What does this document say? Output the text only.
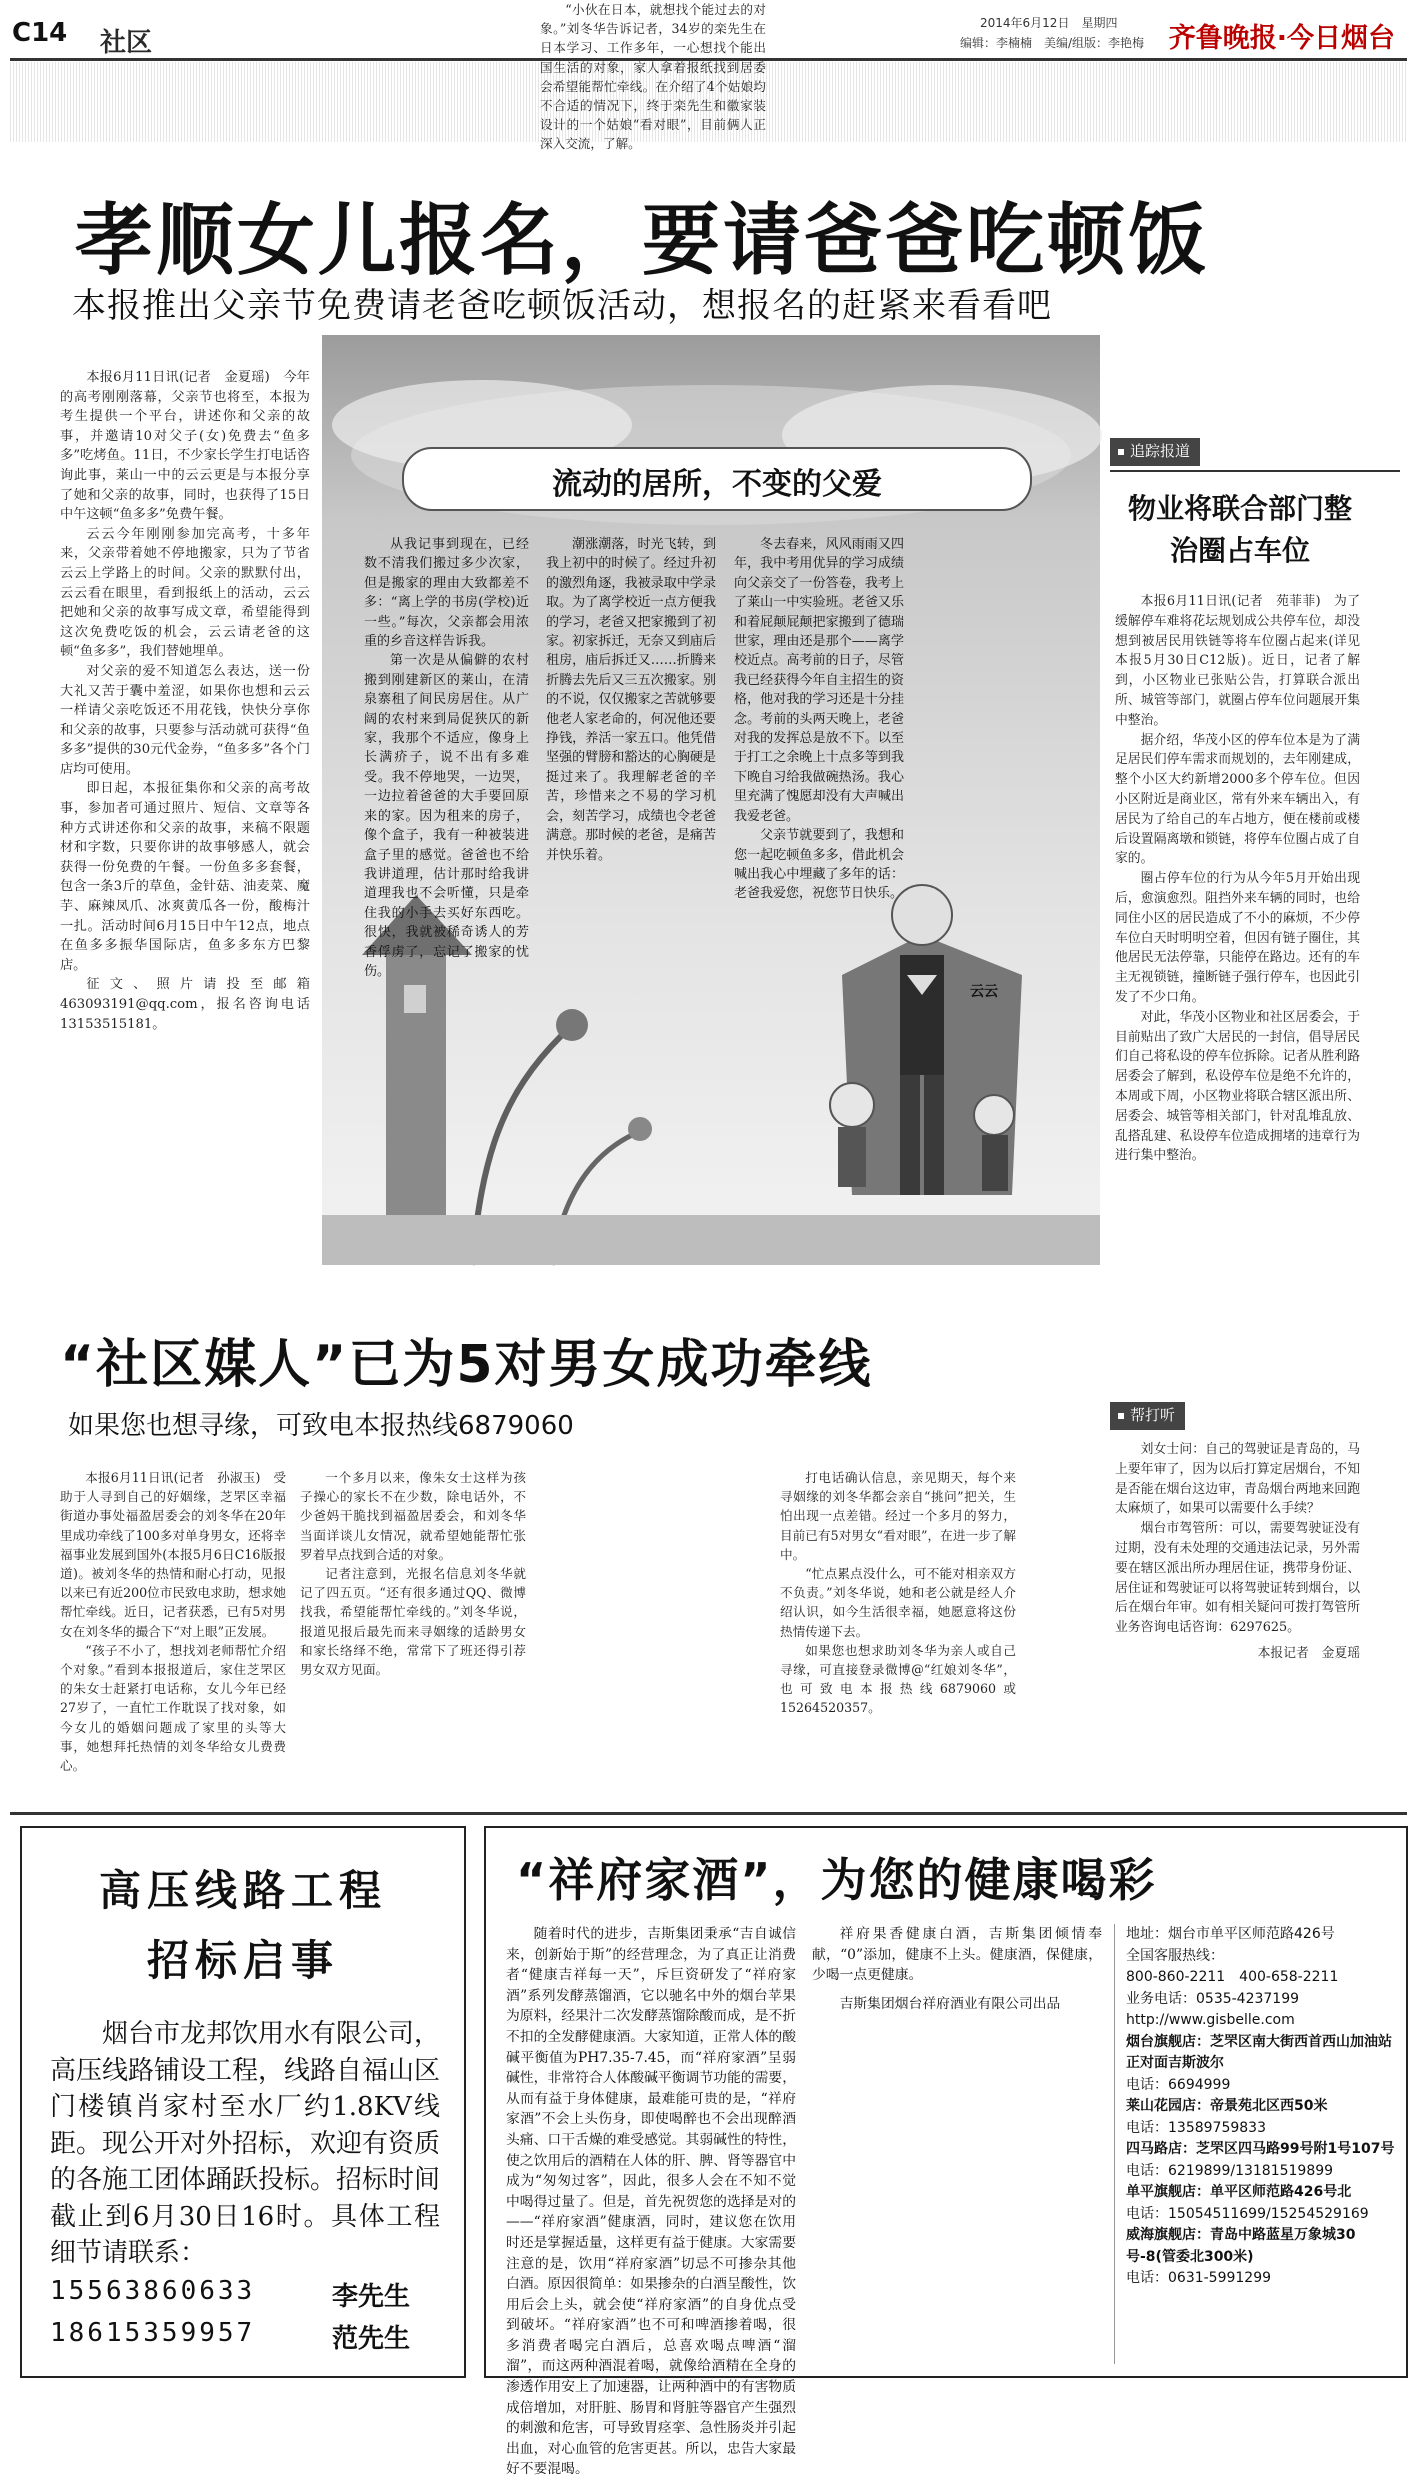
C14 社区
2014年6月12日　星期四
编辑：李楠楠　美编/组版：李艳梅 齐鲁晚报·今日烟台
孝顺女儿报名，要请爸爸吃顿饭
本报推出父亲节免费请老爸吃顿饭活动，想报名的赶紧来看看吧

本报6月11日讯(记者　金夏瑶)　今年的高考刚刚落幕，父亲节也将至，本报为考生提供一个平台，讲述你和父亲的故事，并邀请10对父子(女)免费去“鱼多多”吃烤鱼。11日，不少家长学生打电话咨询此事，莱山一中的云云更是与本报分享了她和父亲的故事，同时，也获得了15日中午这顿“鱼多多”免费午餐。

云云今年刚刚参加完高考，十多年来，父亲带着她不停地搬家，只为了节省云云上学路上的时间。父亲的默默付出，云云看在眼里，看到报纸上的活动，云云把她和父亲的故事写成文章，希望能得到这次免费吃饭的机会，云云请老爸的这顿“鱼多多”，我们替她埋单。

对父亲的爱不知道怎么表达，送一份大礼又苦于囊中羞涩，如果你也想和云云一样请父亲吃饭还不用花钱，快快分享你和父亲的故事，只要参与活动就可获得“鱼多多”提供的30元代金券，“鱼多多”各个门店均可使用。

即日起，本报征集你和父亲的高考故事，参加者可通过照片、短信、文章等各种方式讲述你和父亲的故事，来稿不限题材和字数，只要你讲的故事够感人，就会获得一份免费的午餐。一份鱼多多套餐，包含一条3斤的草鱼，金针菇、油麦菜、魔芋、麻辣凤爪、冰爽黄瓜各一份，酸梅汁一扎。活动时间6月15日中午12点，地点在鱼多多振华国际店，鱼多多东方巴黎店。

征文、照片请投至邮箱463093191@qq.com，报名咨询电话13153515181。

流动的居所，不变的父爱

从我记事到现在，已经数不清我们搬过多少次家，但是搬家的理由大致都差不多：“离上学的书房(学校)近一些。”每次，父亲都会用浓重的乡音这样告诉我。

第一次是从偏僻的农村搬到刚建新区的莱山，在清泉寨租了间民房居住。从广阔的农村来到局促狭仄的新家，我那个不适应，像身上长满疥子，说不出有多难受。我不停地哭，一边哭，一边拉着爸爸的大手要回原来的家。因为租来的房子，像个盒子，我有一种被装进盒子里的感觉。爸爸也不给我讲道理，估计那时给我讲道理我也不会听懂，只是牵住我的小手去买好东西吃。很快，我就被稀奇诱人的芳香俘虏了，忘记了搬家的忧伤。

潮涨潮落，时光飞转，到我上初中的时候了。经过升初的激烈角逐，我被录取中学录取。为了离学校近一点方便我的学习，老爸又把家搬到了初家。初家拆迁，无奈又到庙后租房，庙后拆迁又……折腾来折腾去先后又三五次搬家。别的不说，仅仅搬家之苦就够要他老人家老命的，何况他还要挣钱，养活一家五口。他凭借坚强的臂膀和豁达的心胸硬是挺过来了。我理解老爸的辛苦，珍惜来之不易的学习机会，刻苦学习，成绩也令老爸满意。那时候的老爸，是痛苦并快乐着。

冬去春来，风风雨雨又四年，我中考用优异的学习成绩向父亲交了一份答卷，我考上了莱山一中实验班。老爸又乐和着屁颠屁颠把家搬到了德瑞世家，理由还是那个——离学校近点。高考前的日子，尽管我已经获得今年自主招生的资格，他对我的学习还是十分挂念。考前的头两天晚上，老爸对我的发挥总是放不下。以至于打工之余晚上十点多等到我下晚自习给我做碗热汤。我心里充满了愧愿却没有大声喊出我爱老爸。

父亲节就要到了，我想和您一起吃顿鱼多多，借此机会喊出我心中埋藏了多年的话：老爸我爱您，祝您节日快乐。

云云
追踪报道
物业将联合部门整治圈占车位

本报6月11日讯(记者　苑菲菲)　为了缓解停车难将花坛规划成公共停车位，却没想到被居民用铁链等将车位圈占起来(详见本报5月30日C12版)。近日，记者了解到，小区物业已张贴公告，打算联合派出所、城管等部门，就圈占停车位问题展开集中整治。

据介绍，华茂小区的停车位本是为了满足居民们停车需求而规划的，去年刚建成，整个小区大约新增2000多个停车位。但因小区附近是商业区，常有外来车辆出入，有居民为了给自己的车占地方，便在楼前或楼后设置隔离墩和锁链，将停车位圈占成了自家的。

圈占停车位的行为从今年5月开始出现后，愈演愈烈。阻挡外来车辆的同时，也给同住小区的居民造成了不小的麻烦，不少停车位白天时明明空着，但因有链子圈住，其他居民无法停靠，只能停在路边。还有的车主无视锁链，撞断链子强行停车，也因此引发了不少口角。

对此，华茂小区物业和社区居委会，于目前贴出了致广大居民的一封信，倡导居民们自己将私设的停车位拆除。记者从胜利路居委会了解到，私设停车位是绝不允许的，本周或下周，小区物业将联合辖区派出所、居委会、城管等相关部门，针对乱堆乱放、乱搭乱建、私设停车位造成拥堵的违章行为进行集中整治。

帮打听

刘女士问：自己的驾驶证是青岛的，马上要年审了，因为以后打算定居烟台，不知是否能在烟台这边审，青岛烟台两地来回跑太麻烦了，如果可以需要什么手续？

烟台市驾管所：可以，需要驾驶证没有过期，没有未处理的交通违法记录，另外需要在辖区派出所办理居住证，携带身份证、居住证和驾驶证可以将驾驶证转到烟台，以后在烟台年审。如有相关疑问可拨打驾管所业务咨询电话咨询：6297625。

本报记者　金夏瑶

“社区媒人”已为5对男女成功牵线
如果您也想寻缘，可致电本报热线6879060

本报6月11日讯(记者　孙淑玉)　受助于人寻到自己的好姻缘，芝罘区幸福街道办事处福盈居委会的刘冬华在20年里成功牵线了100多对单身男女，还将幸福事业发展到国外(本报5月6日C16版报道)。被刘冬华的热情和耐心打动，见报以来已有近200位市民致电求助，想求她帮忙牵线。近日，记者获悉，已有5对男女在刘冬华的撮合下“对上眼”正发展。

“孩子不小了，想找刘老师帮忙介绍个对象。”看到本报报道后，家住芝罘区的朱女士赶紧打电话称，女儿今年已经27岁了，一直忙工作耽误了找对象，如今女儿的婚姻问题成了家里的头等大事，她想拜托热情的刘冬华给女儿费费心。

一个多月以来，像朱女士这样为孩子操心的家长不在少数，除电话外，不少爸妈干脆找到福盈居委会，和刘冬华当面详谈儿女情况，就希望她能帮忙张罗着早点找到合适的对象。

记者注意到，光报名信息刘冬华就记了四五页。“还有很多通过QQ、微博找我，希望能帮忙牵线的。”刘冬华说，报道见报后最先而来寻姻缘的适龄男女和家长络绎不绝，常常下了班还得引荐男女双方见面。

“小伙在日本，就想找个能过去的对象。”刘冬华告诉记者，34岁的栾先生在日本学习、工作多年，一心想找个能出国生活的对象，家人拿着报纸找到居委会希望能帮忙牵线。在介绍了4个姑娘均不合适的情况下，终于栾先生和徽家装设计的一个姑娘“看对眼”，目前俩人正深入交流，了解。

打电话确认信息，亲见期天，每个来寻姻缘的刘冬华都会亲自“挑问”把关，生怕出现一点差错。经过一个多月的努力，目前已有5对男女“看对眼”，在进一步了解中。

“忙点累点没什么，可不能对相亲双方不负责。”刘冬华说，她和老公就是经人介绍认识，如今生活很幸福，她愿意将这份热情传递下去。

如果您也想求助刘冬华为亲人或自己寻缘，可直接登录微博@“红娘刘冬华”，也可致电本报热线6879060或15264520357。

高压线路工程
招标启事

烟台市龙邦饮用水有限公司，高压线路铺设工程，线路自福山区门楼镇肖家村至水厂约1.8KV线距。现公开对外招标，欢迎有资质的各施工团体踊跃投标。招标时间截止到6月30日16时。具体工程细节请联系：

15563860633	李先生
18615359957	范先生
“祥府家酒”，为您的健康喝彩

随着时代的进步，吉斯集团秉承“吉自诚信来，创新始于斯”的经营理念，为了真正让消费者“健康吉祥每一天”，斥巨资研发了“祥府家酒”系列发酵蒸馏酒，它以驰名中外的烟台苹果为原料，经果汁二次发酵蒸馏除酸而成，是不折不扣的全发酵健康酒。大家知道，正常人体的酸碱平衡值为PH7.35-7.45，而“祥府家酒”呈弱碱性，非常符合人体酸碱平衡调节功能的需要，从而有益于身体健康，最难能可贵的是，“祥府家酒”不会上头伤身，即使喝醉也不会出现醉酒头痛、口干舌燥的难受感觉。其弱碱性的特性，使之饮用后的酒精在人体的肝、脾、肾等器官中成为“匆匆过客”，因此，很多人会在不知不觉中喝得过量了。但是，首先祝贺您的选择是对的——“祥府家酒”健康酒，同时，建议您在饮用时还是掌握适量，这样更有益于健康。大家需要注意的是，饮用“祥府家酒”切忌不可掺杂其他白酒。原因很简单：如果掺杂的白酒呈酸性，饮用后会上头，就会使“祥府家酒”的自身优点受到破坏。“祥府家酒”也不可和啤酒掺着喝，很多消费者喝完白酒后，总喜欢喝点啤酒“溜溜”，而这两种酒混着喝，就像给酒精在全身的渗透作用安上了加速器，让两种酒中的有害物质成倍增加，对肝脏、肠胃和肾脏等器官产生强烈的刺激和危害，可导致胃痉挛、急性肠炎并引起出血，对心血管的危害更甚。所以，忠告大家最好不要混喝。

祥府果香健康白酒，吉斯集团倾情奉献，“0”添加，健康不上头。健康酒，保健康，少喝一点更健康。

吉斯集团烟台祥府酒业有限公司出品

地址：烟台市单平区师范路426号
全国客服热线：
800-860-2211　400-658-2211
业务电话：0535-4237199
http://www.gisbelle.com
烟台旗舰店：芝罘区南大街西首西山加油站正对面吉斯波尔
电话：6694999
莱山花园店：帝景苑北区西50米
电话：13589759833
四马路店：芝罘区四马路99号附1号107号
电话：6219899/13181519899
单平旗舰店：单平区师范路426号北
电话：15054511699/15254529169
威海旗舰店：青岛中路蓝星万象城30号-8(管委北300米)
电话：0631-5991299
